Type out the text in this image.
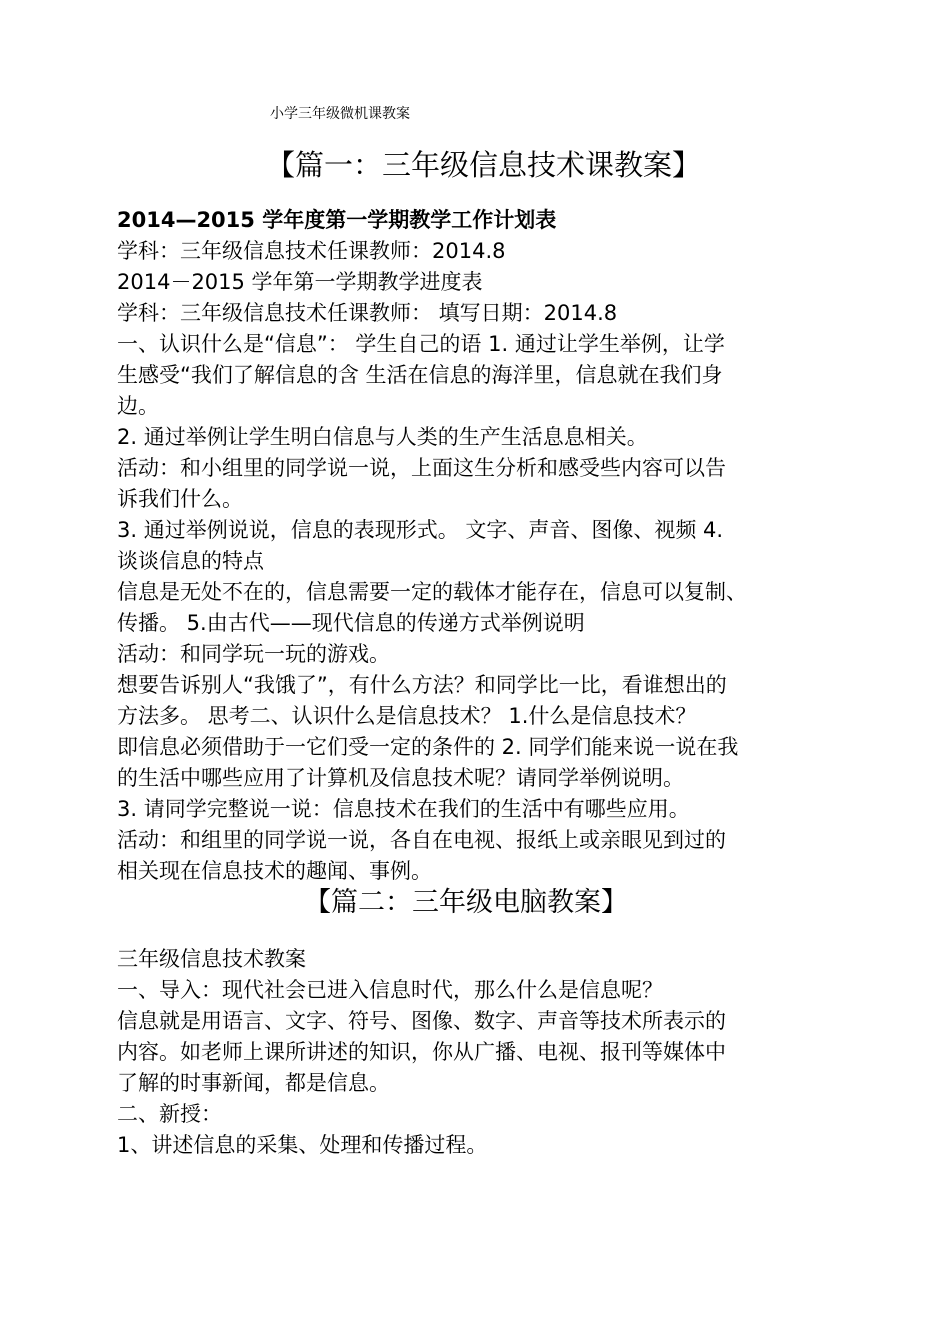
小学三年级微机课教案
【篇一：三年级信息技术课教案】
2014—2015 学年度第一学期教学工作计划表
学科：三年级信息技术任课教师：2014.8
2014－2015 学年第一学期教学进度表
学科：三年级信息技术任课教师： 填写日期：2014.8
一、认识什么是“信息”： 学生自己的语 1. 通过让学生举例，让学
生感受“我们了解信息的含 生活在信息的海洋里，信息就在我们身
边。
2. 通过举例让学生明白信息与人类的生产生活息息相关。
活动：和小组里的同学说一说，上面这生分析和感受些内容可以告
诉我们什么。
3. 通过举例说说，信息的表现形式。 文字、声音、图像、视频 4.
谈谈信息的特点
信息是无处不在的，信息需要一定的载体才能存在，信息可以复制、
传播。 5.由古代——现代信息的传递方式举例说明
活动：和同学玩一玩的游戏。
想要告诉别人“我饿了”，有什么方法？和同学比一比，看谁想出的
方法多。 思考二、认识什么是信息技术？ 1.什么是信息技术？
即信息必须借助于一它们受一定的条件的 2. 同学们能来说一说在我
的生活中哪些应用了计算机及信息技术呢？请同学举例说明。
3. 请同学完整说一说：信息技术在我们的生活中有哪些应用。
活动：和组里的同学说一说，各自在电视、报纸上或亲眼见到过的
相关现在信息技术的趣闻、事例。
【篇二：三年级电脑教案】
三年级信息技术教案
一、导入：现代社会已进入信息时代，那么什么是信息呢？
信息就是用语言、文字、符号、图像、数字、声音等技术所表示的
内容。如老师上课所讲述的知识，你从广播、电视、报刊等媒体中
了解的时事新闻，都是信息。
二、新授：
1、讲述信息的采集、处理和传播过程。
